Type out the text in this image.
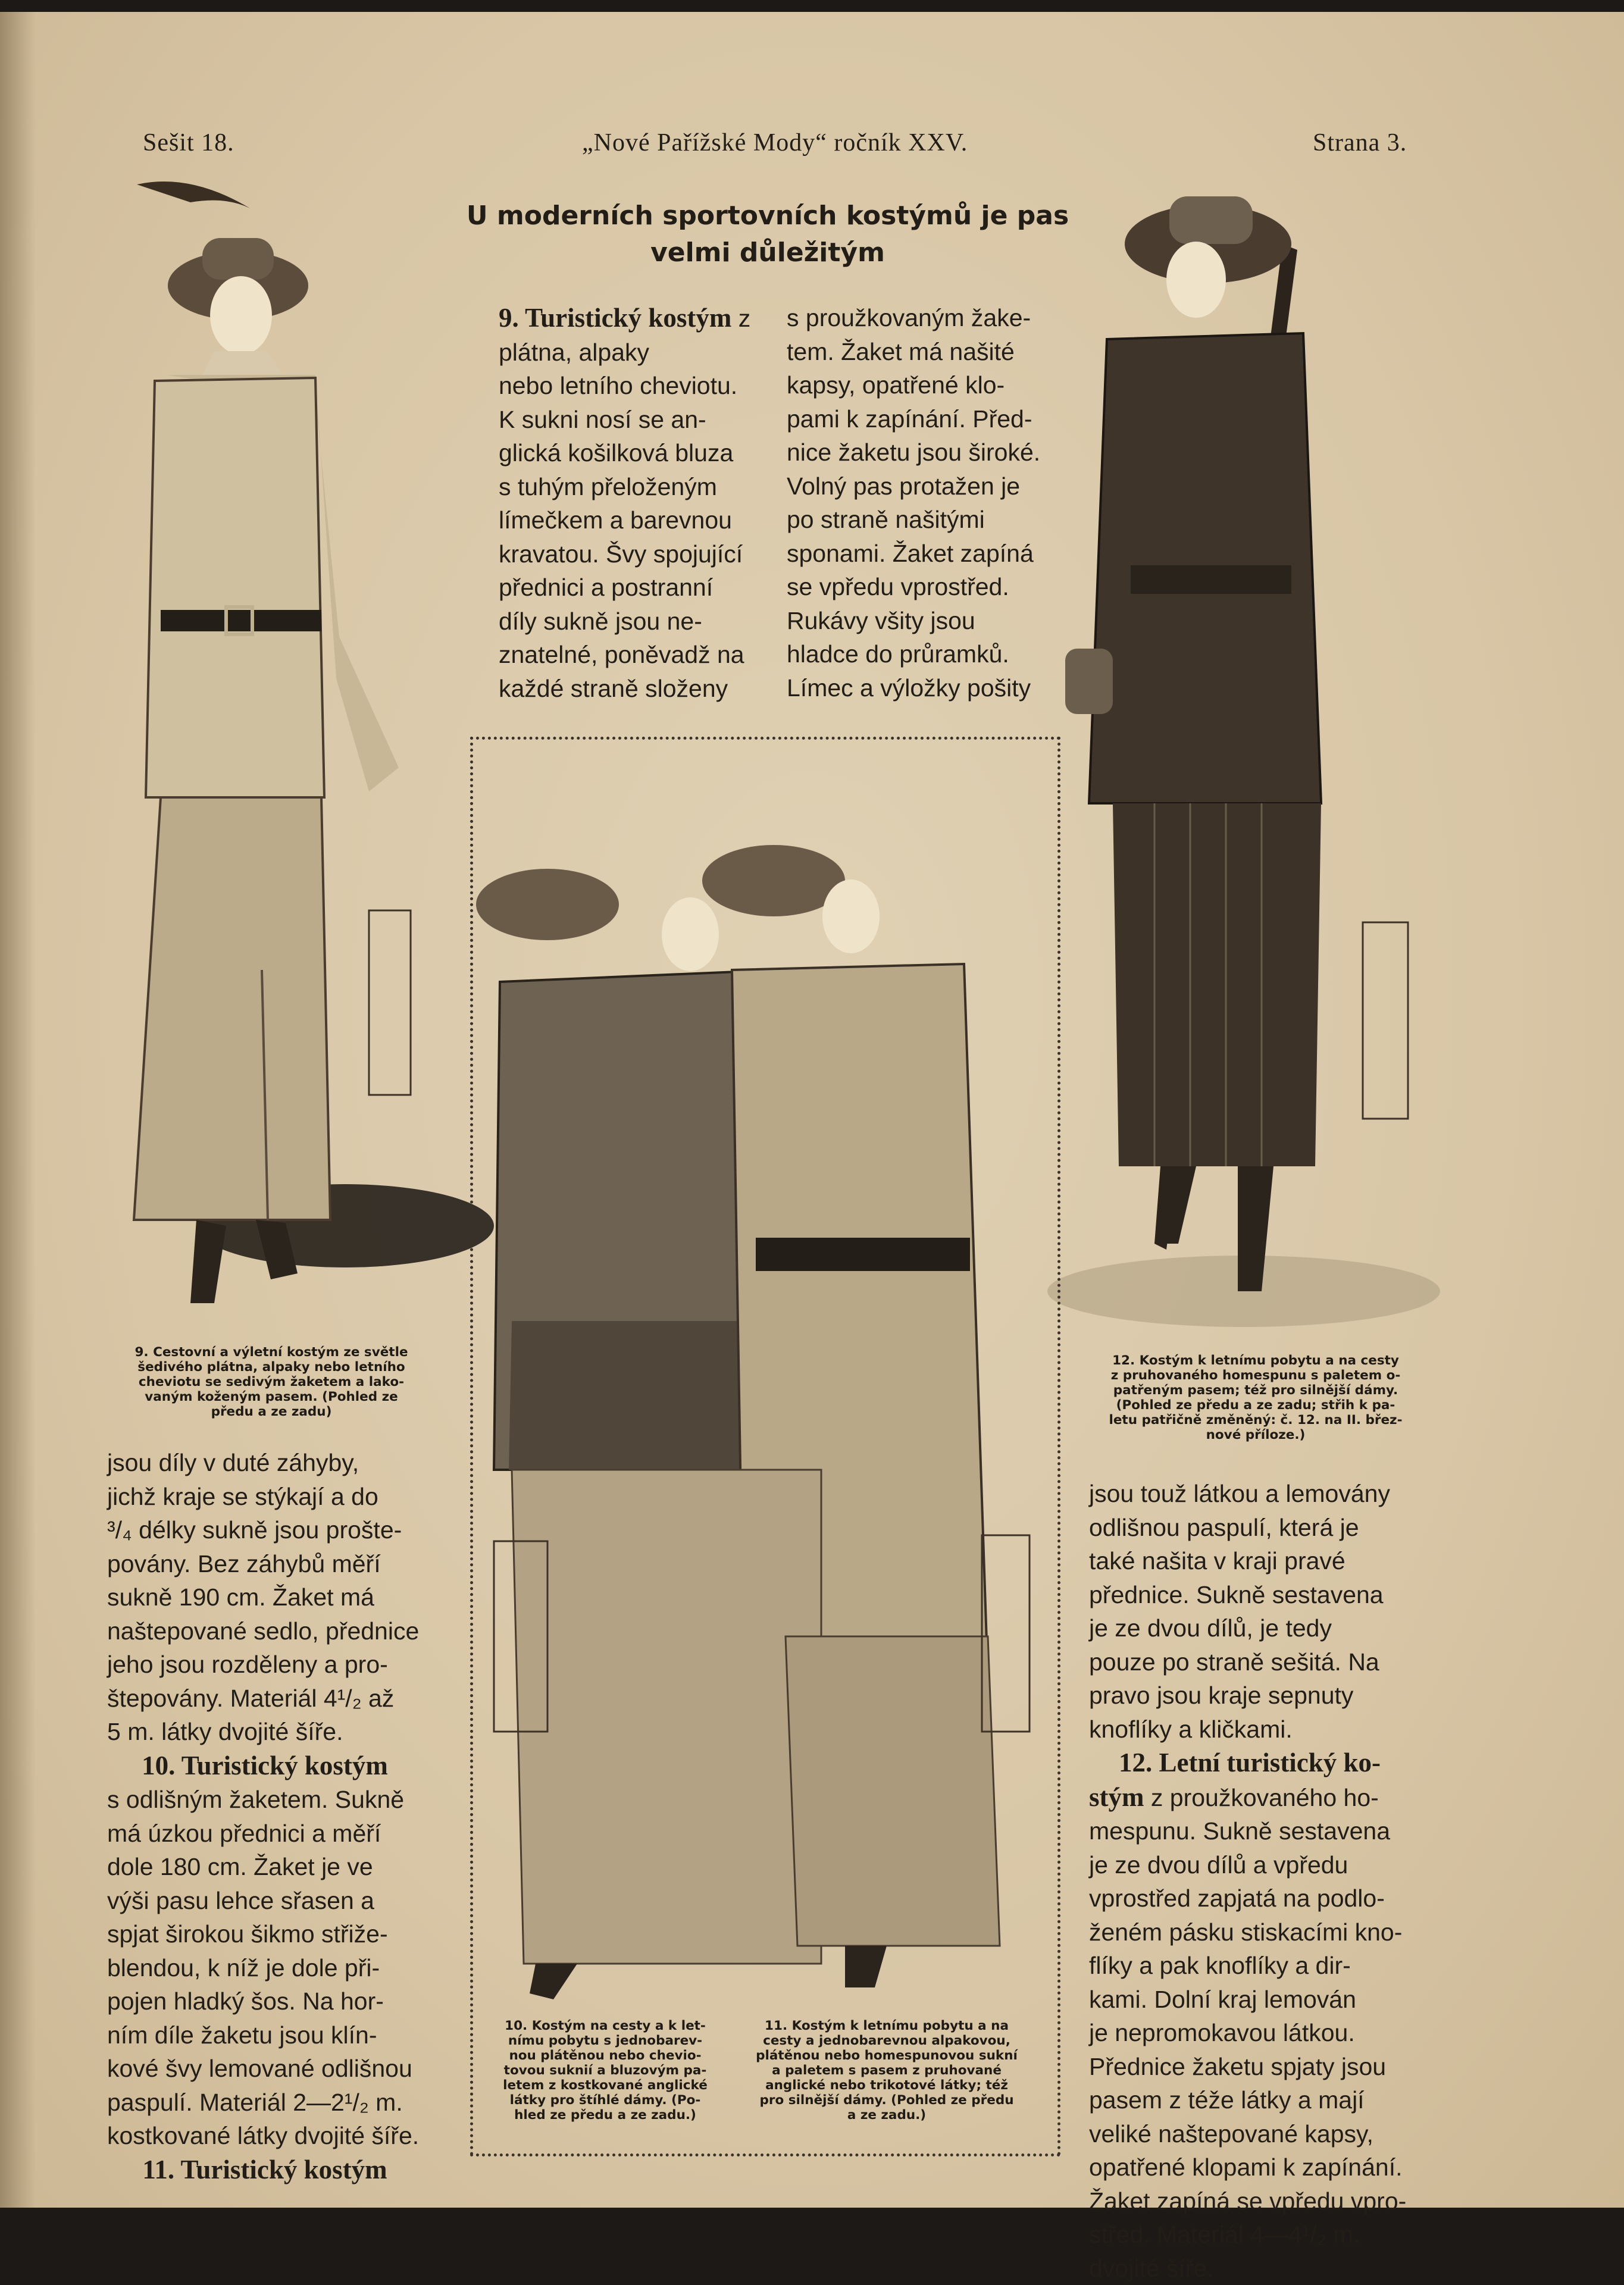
Sešit 18.	„Nové Pařížské Mody“ ročník XXV.	Strana 3.
U moderních sportovních kostýmů je pas
velmi důležitým

9. Turistický kostým z plátna, alpaky

nebo letního cheviotu.

K sukni nosí se an-

glická košilková bluza

s tuhým přeloženým

límečkem a barevnou

kravatou. Švy spojující

přednici a postranní

díly sukně jsou ne-

znatelné, poněvadž na

každé straně složeny

s proužkovaným žake-

tem. Žaket má našité

kapsy, opatřené klo-

pami k zapínání. Před-

nice žaketu jsou široké.

Volný pas protažen je

po straně našitými

sponami. Žaket zapíná

se vpředu vprostřed.

Rukávy všity jsou

hladce do průramků.

Límec a výložky pošity

9. Cestovní a výletní kostým ze světle
šedivého plátna, alpaky nebo letního
cheviotu se sedivým žaketem a lako-
vaným koženým pasem. (Pohled ze
předu a ze zadu)
12. Kostým k letnímu pobytu a na cesty
z pruhovaného homespunu s paletem o-
patřeným pasem; též pro silnější dámy.
(Pohled ze předu a ze zadu; střih k pa-
letu patřičně změněný: č. 12. na II. břez-
nové příloze.)
10. Kostým na cesty a k let-
nímu pobytu s jednobarev-
nou plátěnou nebo chevio-
tovou suknií a bluzovým pa-
letem z kostkované anglické
látky pro štíhlé dámy. (Po-
hled ze předu a ze zadu.)
11. Kostým k letnímu pobytu a na
cesty a jednobarevnou alpakovou,
plátěnou nebo homespunovou sukní
a paletem s pasem z pruhované
anglické nebo trikotové látky; též
pro silnější dámy. (Pohled ze předu
a ze zadu.)

jsou díly v duté záhyby,

jichž kraje se stýkají a do

³/₄ délky sukně jsou prošte-

povány. Bez záhybů měří

sukně 190 cm. Žaket má

naštepované sedlo, přednice

jeho jsou rozděleny a pro-

štepovány. Materiál 4¹/₂ až

5 m. látky dvojité šíře.

10. Turistický kostým

s odlišným žaketem. Sukně

má úzkou přednici a měří

dole 180 cm. Žaket je ve

výši pasu lehce sřasen a

spjat širokou šikmo střiže-

blendou, k níž je dole při-

pojen hladký šos. Na hor-

ním díle žaketu jsou klín-

kové švy lemované odlišnou

paspulí. Materiál 2—2¹/₂ m.

kostkované látky dvojité šíře.

11. Turistický kostým

jsou touž látkou a lemovány

odlišnou paspulí, která je

také našita v kraji pravé

přednice. Sukně sestavena

je ze dvou dílů, je tedy

pouze po straně sešitá. Na

pravo jsou kraje sepnuty

knoflíky a kličkami.

12. Letní turistický ko-

stým z proužkovaného ho-

mespunu. Sukně sestavena

je ze dvou dílů a vpředu

vprostřed zapjatá na podlo-

ženém pásku stiskacími kno-

flíky a pak knoflíky a dir-

kami. Dolní kraj lemován

je nepromokavou látkou.

Přednice žaketu spjaty jsou

pasem z téže látky a mají

veliké naštepované kapsy,

opatřené klopami k zapínání.

Žaket zapíná se vpředu vpro-

střed. Materiál 4—4¹/₂ m.

dvojité šíře.
